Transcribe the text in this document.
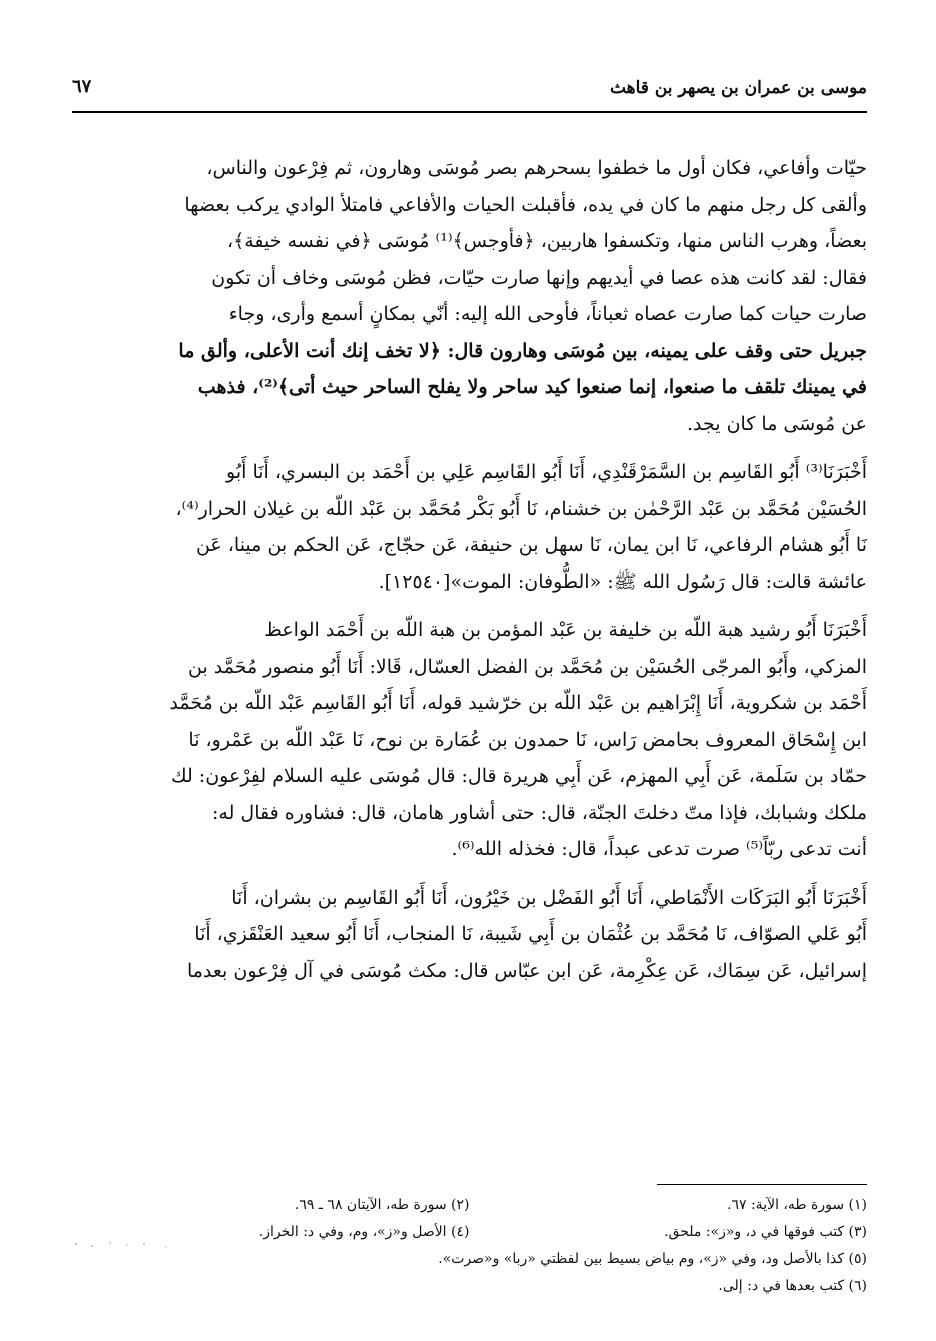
موسى بن عمران بن يصهر بن قاهث
٦٧

حيّات وأفاعي، فكان أول ما خطفوا بسحرهم بصر مُوسَى وهارون، ثم فِرْعون والناس،

وألقى كل رجل منهم ما كان في يده، فأقبلت الحيات والأفاعي فامتلأ الوادي يركب بعضها

بعضاً، وهرب الناس منها، وتكسفوا هاربين، ﴿فأوجس﴾⁽¹⁾ مُوسَى ﴿في نفسه خيفة﴾،

فقال: لقد كانت هذه عصا في أيديهم وإنها صارت حيّات، فظن مُوسَى وخاف أن تكون

صارت حيات كما صارت عصاه ثعباناً، فأوحى الله إليه: أنّي بمكانٍ أسمع وأرى، وجاء

جبريل حتى وقف على يمينه، بين مُوسَى وهارون قال: ﴿لا تخف إنك أنت الأعلى، وألق ما

في يمينك تلقف ما صنعوا، إنما صنعوا كيد ساحر ولا يفلح الساحر حيث أتى﴾⁽²⁾، فذهب

عن مُوسَى ما كان يجد.

أَخْبَرَنَا⁽³⁾ أَبُو القَاسِم بن السَّمَرْقَنْدِي، أَنَا أَبُو القَاسِم عَلِي بن أَحْمَد بن البسري، أَنَا أَبُو

الحُسَيْن مُحَمَّد بن عَبْد الرَّحْمٰن بن خشنام، نَا أَبُو بَكْر مُحَمَّد بن عَبْد اللّه بن غيلان الحرار⁽⁴⁾،

نَا أَبُو هشام الرفاعي، نَا ابن يمان، نَا سهل بن حنيفة، عَن حجّاج، عَن الحكم بن مينا، عَن

عائشة قالت: قال رَسُول الله ﷺ: «الطُّوفان: الموت»[١٢٥٤٠].

أَخْبَرَنَا أَبُو رشيد هبة اللّه بن خليفة بن عَبْد المؤمن بن هبة اللّه بن أَحْمَد الواعظ

المزكي، وأَبُو المرجّى الحُسَيْن بن مُحَمَّد بن الفضل العسّال، قَالا: أَنَا أَبُو منصور مُحَمَّد بن

أَحْمَد بن شكروية، أَنَا إِبْرَاهيم بن عَبْد اللّه بن خرّشيد قوله، أَنَا أَبُو القَاسِم عَبْد اللّه بن مُحَمَّد

ابن إِسْحَاق المعروف بحامض رَاس، نَا حمدون بن عُمَارة بن نوح، نَا عَبْد اللّه بن عَمْرو، نَا

حمّاد بن سَلَمة، عَن أَبِي المهزم، عَن أَبِي هريرة قال: قال مُوسَى عليه السلام لفِرْعون: لك

ملكك وشبابك، فإذا متّ دخلتَ الجنّة، قال: حتى أشاور هامان، قال: فشاوره فقال له:

أنت تدعى ربّاً⁽⁵⁾ صرت تدعى عبداً، قال: فخذله الله⁽⁶⁾.

أَخْبَرَنَا أَبُو البَرَكَات الأَنْمَاطي، أَنَا أَبُو الفَضْل بن خَيْرُون، أَنَا أَبُو القَاسِم بن بشران، أَنَا

أَبُو عَلي الصوّاف، نَا مُحَمَّد بن عُثْمَان بن أَبِي شَيبة، نَا المنجاب، أَنَا أَبُو سعيد العَنْقَزي، أَنَا

إسرائيل، عَن سِمَاك، عَن عِكْرِمة، عَن ابن عبّاس قال: مكث مُوسَى في آل فِرْعون بعدما

(١) سورة طه، الآية: ٦٧.
(٢) سورة طه، الآيتان ٦٨ ـ ٦٩.
(٣) كتب فوقها في د، و«ز»: ملحق.
(٤) الأصل و«ز»، وم، وفي د: الخراز.
(٥) كذا بالأصل ود، وفي «ز»، وم بياض بسيط بين لفظتي «ربا» و«صرت».
(٦) كتب بعدها في د: إلى.
